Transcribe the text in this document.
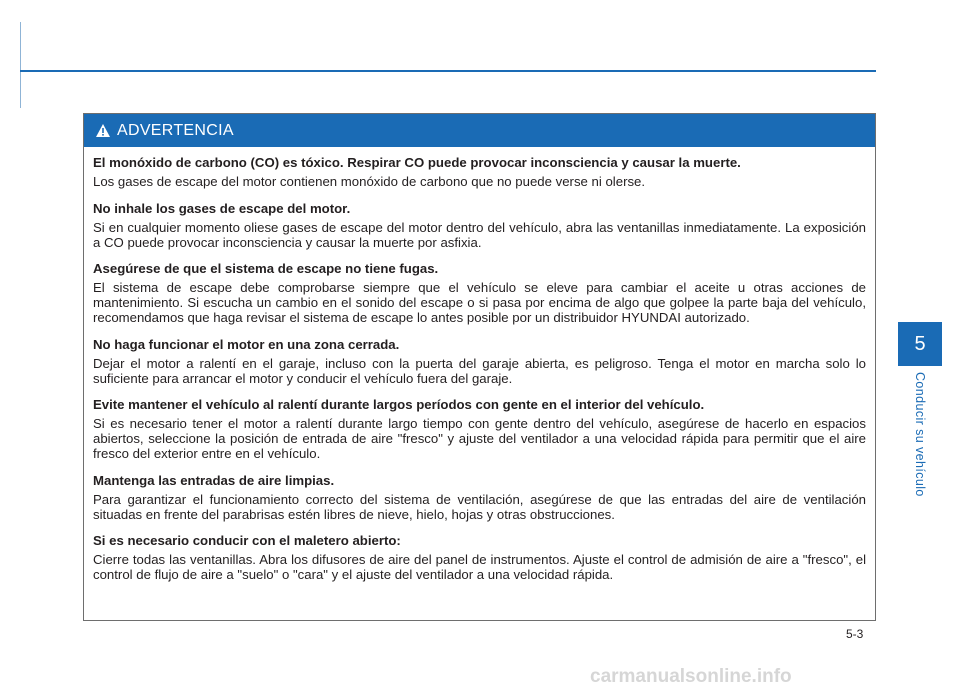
5
Conducir su vehículo
ADVERTENCIA
El monóxido de carbono (CO) es tóxico. Respirar CO puede provocar inconsciencia y causar la muerte.
Los gases de escape del motor contienen monóxido de carbono que no puede verse ni olerse.
No inhale los gases de escape del motor.
Si en cualquier momento oliese gases de escape del motor dentro del vehículo, abra las ventanillas inmediatamente. La exposición a CO puede provocar inconsciencia y causar la muerte por asfixia.
Asegúrese de que el sistema de escape no tiene fugas.
El sistema de escape debe comprobarse siempre que el vehículo se eleve para cambiar el aceite u otras acciones de mantenimiento. Si escucha un cambio en el sonido del escape o si pasa por encima de algo que golpee la parte baja del vehículo, recomendamos que haga revisar el sistema de escape lo antes posible por un distribuidor HYUNDAI autorizado.
No haga funcionar el motor en una zona cerrada.
Dejar el motor a ralentí en el garaje, incluso con la puerta del garaje abierta, es peligroso. Tenga el motor en marcha solo lo suficiente para arrancar el motor y conducir el vehículo fuera del garaje.
Evite mantener el vehículo al ralentí durante largos períodos con gente en el interior del vehículo.
Si es necesario tener el motor a ralentí durante largo tiempo con gente dentro del vehículo, asegúrese de hacerlo en espacios abiertos, seleccione la posición de entrada de aire "fresco" y ajuste del ventilador a una velocidad rápida para permitir que el aire fresco del exterior entre en el vehículo.
Mantenga las entradas de aire limpias.
Para garantizar el funcionamiento correcto del sistema de ventilación, asegúrese de que las entradas del aire de ventilación situadas en frente del parabrisas estén libres de nieve, hielo, hojas y otras obstrucciones.
Si es necesario conducir con el maletero abierto:
Cierre todas las ventanillas. Abra los difusores de aire del panel de instrumentos. Ajuste el control de admisión de aire a "fresco", el control de flujo de aire a "suelo" o "cara" y el ajuste del ventilador a una velocidad rápida.
5-3
carmanualsonline.info
